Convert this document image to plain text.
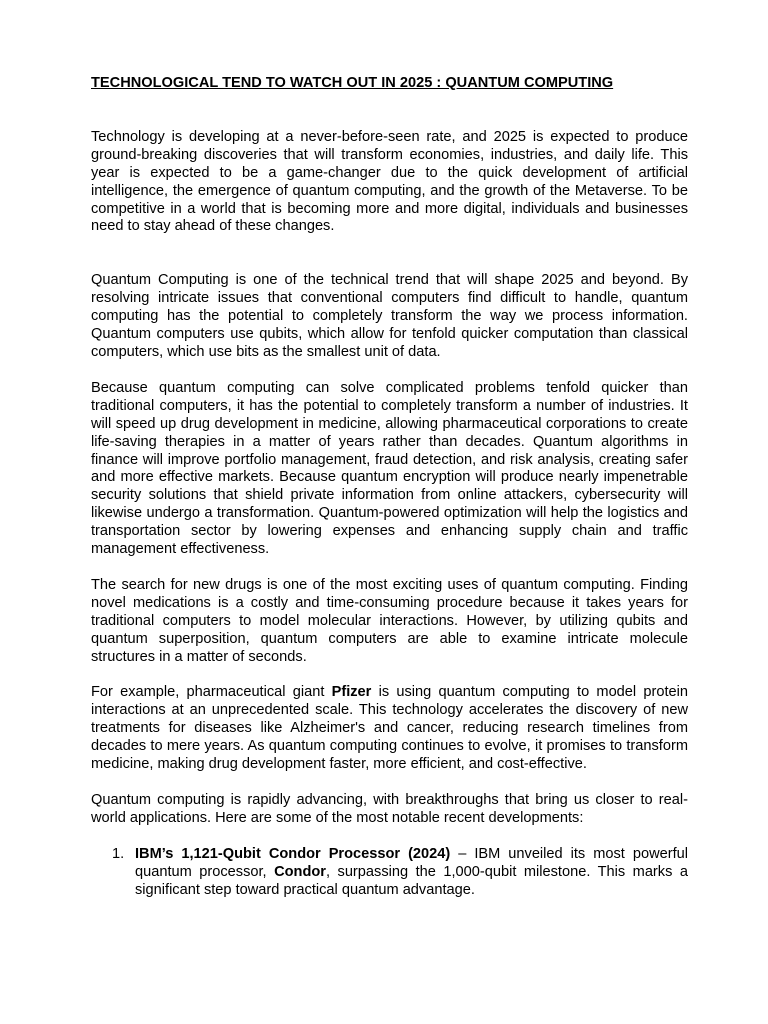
TECHNOLOGICAL TEND TO WATCH OUT IN 2025 : QUANTUM COMPUTING

Technology is developing at a never-before-seen rate, and 2025 is expected to produce ground-breaking discoveries that will transform economies, industries, and daily life. This year is expected to be a game-changer due to the quick development of artificial intelligence, the emergence of quantum computing, and the growth of the Metaverse. To be competitive in a world that is becoming more and more digital, individuals and businesses need to stay ahead of these changes.

Quantum Computing is one of the technical trend that will shape 2025 and beyond. By resolving intricate issues that conventional computers find difficult to handle, quantum computing has the potential to completely transform the way we process information. Quantum computers use qubits, which allow for tenfold quicker computation than classical computers, which use bits as the smallest unit of data.

Because quantum computing can solve complicated problems tenfold quicker than traditional computers, it has the potential to completely transform a number of industries. It will speed up drug development in medicine, allowing pharmaceutical corporations to create life-saving therapies in a matter of years rather than decades. Quantum algorithms in finance will improve portfolio management, fraud detection, and risk analysis, creating safer and more effective markets. Because quantum encryption will produce nearly impenetrable security solutions that shield private information from online attackers, cybersecurity will likewise undergo a transformation. Quantum-powered optimization will help the logistics and transportation sector by lowering expenses and enhancing supply chain and traffic management effectiveness.

The search for new drugs is one of the most exciting uses of quantum computing. Finding novel medications is a costly and time-consuming procedure because it takes years for traditional computers to model molecular interactions. However, by utilizing qubits and quantum superposition, quantum computers are able to examine intricate molecule structures in a matter of seconds.

For example, pharmaceutical giant Pfizer is using quantum computing to model protein interactions at an unprecedented scale. This technology accelerates the discovery of new treatments for diseases like Alzheimer's and cancer, reducing research timelines from decades to mere years. As quantum computing continues to evolve, it promises to transform medicine, making drug development faster, more efficient, and cost-effective.

Quantum computing is rapidly advancing, with breakthroughs that bring us closer to real-world applications. Here are some of the most notable recent developments:

1. IBM’s 1,121-Qubit Condor Processor (2024) – IBM unveiled its most powerful quantum processor, Condor, surpassing the 1,000-qubit milestone. This marks a significant step toward practical quantum advantage.
